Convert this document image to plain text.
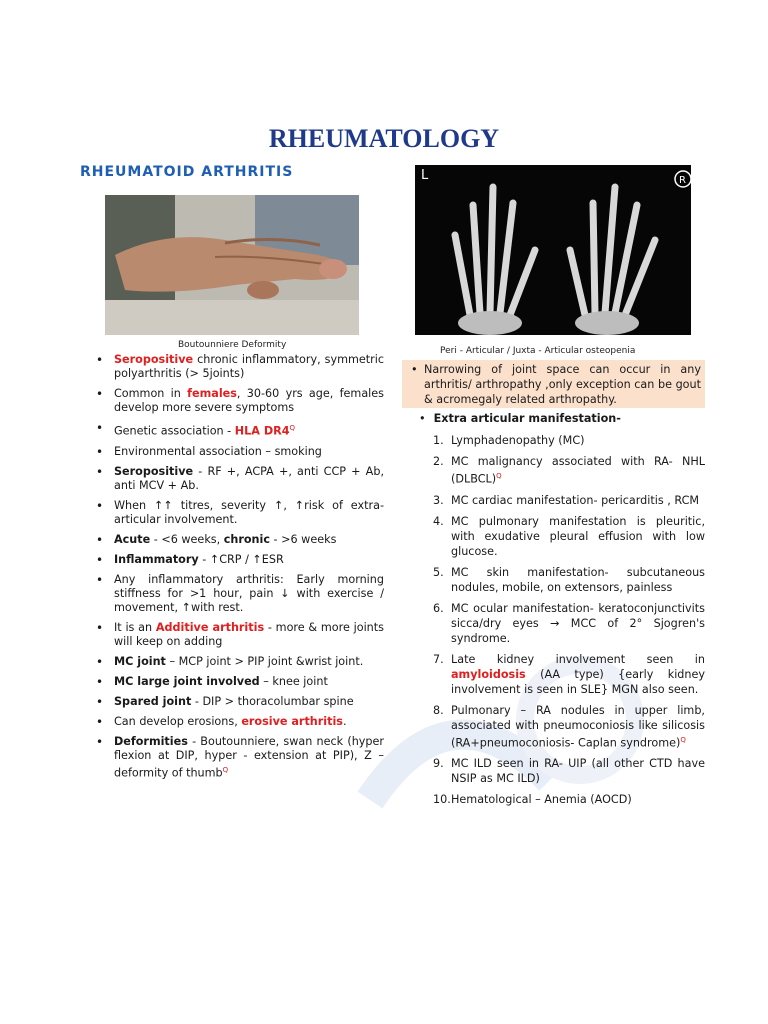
RHEUMATOLOGY
RHEUMATOID ARTHRITIS
Boutounniere Deformity
L	R
Peri - Articular / Juxta - Articular osteopenia
• Seropositive chronic inflammatory, symmetric polyarthritis (> 5joints)
• Common in females, 30-60 yrs age, females develop more severe symptoms
• Genetic association - HLA $DR4^Q$
• Environmental association – smoking
• Seropositive - RF +, ACPA +, anti CCP + Ab, anti MCV + Ab.
• When ↑↑ titres, severity ↑, ↑risk of extra-articular involvement.
• Acute - <6 weeks, chronic - >6 weeks
• Inflammatory - ↑CRP / ↑ESR
• Any inflammatory arthritis: Early morning stiffness for >1 hour, pain ↓ with exercise / movement, ↑with rest.
• It is an Additive arthritis - more & more joints will keep on adding
• MC joint – MCP joint > PIP joint &wrist joint.
• MC large joint involved – knee joint
• Spared joint - DIP > thoracolumbar spine
• Can develop erosions, erosive arthritis.
• Deformities - Boutounniere, swan neck (hyper flexion at DIP, hyper - extension at PIP), Z – deformity of thumb$^Q$
• Narrowing of joint space can occur in any arthritis/ arthropathy ,only exception can be gout & acromegaly related arthropathy.
• Extra articular manifestation-
1. Lymphadenopathy (MC)
2. MC malignancy associated with RA- NHL (DLBCL)$^Q$
3. MC cardiac manifestation- pericarditis , RCM
4. MC pulmonary manifestation is pleuritic, with exudative pleural effusion with low glucose.
5. MC skin manifestation- subcutaneous nodules, mobile, on extensors, painless
6. MC ocular manifestation- keratoconjunctivits sicca/dry eyes → MCC of 2° Sjogren's syndrome.
7. Late kidney involvement seen in amyloidosis (AA type) {early kidney involvement is seen in SLE} MGN also seen.
8. Pulmonary – RA nodules in upper limb, associated with pneumoconiosis like silicosis (RA+pneumoconiosis- Caplan syndrome)$^Q$
9. MC ILD seen in RA- UIP (all other CTD have NSIP as MC ILD)
10. Hematological – Anemia (AOCD)
